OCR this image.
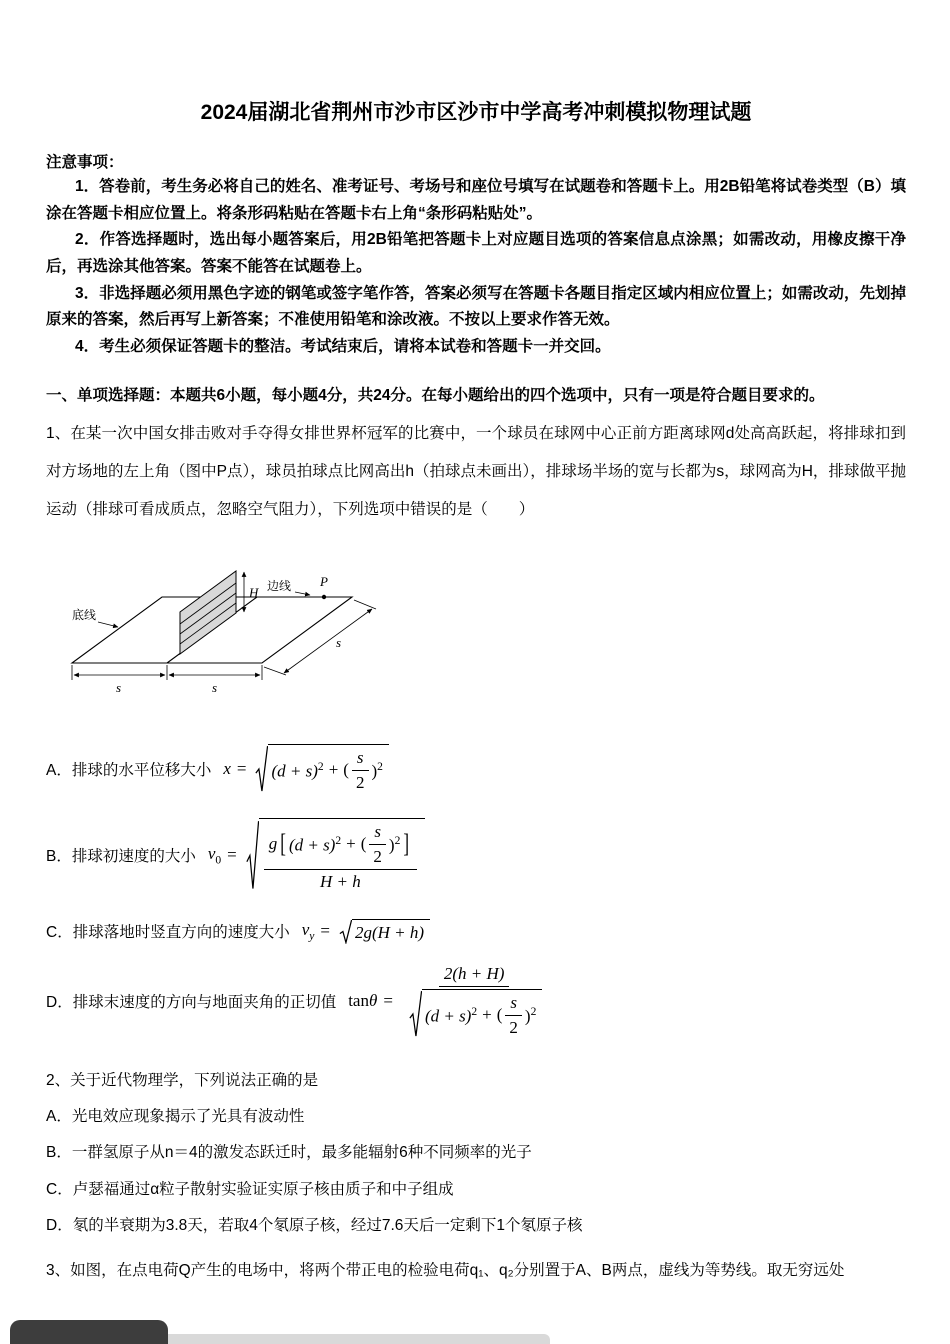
2024届湖北省荆州市沙市区沙市中学高考冲刺模拟物理试题
注意事项：

1．答卷前，考生务必将自己的姓名、准考证号、考场号和座位号填写在试题卷和答题卡上。用2B铅笔将试卷类型（B）填涂在答题卡相应位置上。将条形码粘贴在答题卡右上角“条形码粘贴处”。

2．作答选择题时，选出每小题答案后，用2B铅笔把答题卡上对应题目选项的答案信息点涂黑；如需改动，用橡皮擦干净后，再选涂其他答案。答案不能答在试题卷上。

3．非选择题必须用黑色字迹的钢笔或签字笔作答，答案必须写在答题卡各题目指定区域内相应位置上；如需改动，先划掉原来的答案，然后再写上新答案；不准使用铅笔和涂改液。不按以上要求作答无效。

4．考生必须保证答题卡的整洁。考试结束后，请将本试卷和答题卡一并交回。

一、单项选择题：本题共6小题，每小题4分，共24分。在每小题给出的四个选项中，只有一项是符合题目要求的。

1、在某一次中国女排击败对手夺得女排世界杯冠军的比赛中，一个球员在球网中心正前方距离球网d处高高跃起，将排球扣到对方场地的左上角（图中P点），球员拍球点比网高出h（拍球点未画出），排球场半场的宽与长都为s，球网高为H，排球做平抛运动（排球可看成质点，忽略空气阻力），下列选项中错误的是（　　）

H 边线 P
底线
s	s
s
A．排球的水平位移大小 $x = (d + s)^2$ + ( $\frac{s}{2} )^2$
B．排球初速度的大小 $v_0$ =
g [ $(d + s)^2$ + ( $\frac{s}{2} )^2$ ]
H + h
C．排球落地时竖直方向的速度大小 $v_y = 2g(H + h)$
D．排球末速度的方向与地面夹角的正切值 tan θ =
2(h + H)
$(d + s)^2$ + ( $\frac{s}{2} )^2$

2、关于近代物理学，下列说法正确的是

A．光电效应现象揭示了光具有波动性

B．一群氢原子从n＝4的激发态跃迁时，最多能辐射6种不同频率的光子

C．卢瑟福通过α粒子散射实验证实原子核由质子和中子组成

D．氡的半衰期为3.8天，若取4个氡原子核，经过7.6天后一定剩下1个氡原子核

3、如图，在点电荷Q产生的电场中，将两个带正电的检验电荷q₁、q₂分别置于A、B两点，虚线为等势线。取无穷远处
